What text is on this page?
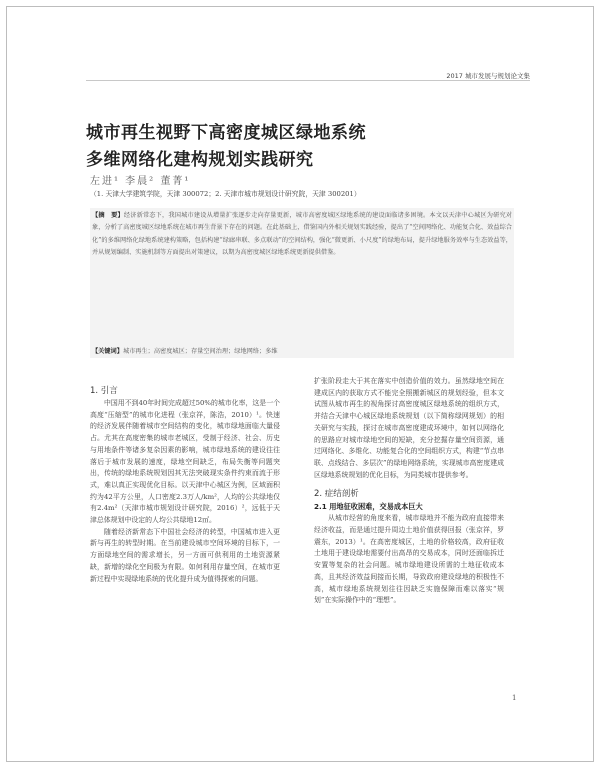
2017 城市发展与规划论文集
城市再生视野下高密度城区绿地系统
多维网络化建构规划实践研究
左进¹ 李晨² 董菁¹
（1. 天津大学建筑学院，天津 300072；2. 天津市城市规划设计研究院，天津 300201）
【摘　要】经济新常态下，我国城市建设从增量扩张逐步走向存量更新，城市高密度城区绿地系统的建设面临诸多困境。本文以天津中心城区为研究对象，分析了高密度城区绿地系统在城市再生背景下存在的问题。在此基础上，借鉴国内外相关规划实践经验，提出了“空间网络化、功能复合化、效益综合化”的多维网络化绿地系统建构策略，包括构建“绿廊串联、多点联动”的空间结构，强化“微更新、小尺度”的绿地布局，提升绿地服务效率与生态效益等，并从规划编制、实施机制等方面提出对策建议，以期为高密度城区绿地系统更新提供借鉴。
【关键词】城市再生；高密度城区；存量空间治理；绿地网络；多维
1. 引言

中国用不到40年时间完成超过50%的城市化率，这是一个高度“压缩型”的城市化进程（张京祥，陈浩，2010）¹。快速的经济发展伴随着城市空间结构的变化，城市绿地面临大量侵占。尤其在高度密集的城市老城区，受制于经济、社会、历史与用地条件等诸多复杂因素的影响，城市绿地系统的建设往往落后于城市发展的速度，绿地空间缺乏，布局失衡等问题突出，传统的绿地系统规划因其无法突破现实条件约束而流于形式，难以真正实现优化目标。以天津中心城区为例，区域面积约为42平方公里，人口密度2.3万人/km²，人均的公共绿地仅有2.4m²（天津市城市规划设计研究院，2016）²，远低于天津总体规划中设定的人均公共绿地12㎡。

随着经济新常态下中国社会经济的转型，中国城市进入更新与再生的转型时期。在当前建设城市空间环境的目标下，一方面绿地空间的需求增长，另一方面可供利用的土地资源紧缺，新增的绿化空间极为有限。如何利用存量空间，在城市更新过程中实现绿地系统的优化提升成为值得探索的问题。

扩张阶段走大于其在落实中创造价值的效力。虽然绿地空间在建成区内的获取方式不能完全照搬新城区的规划经验，但本文试图从城市再生的视角探讨高密度城区绿地系统的组织方式，并结合天津中心城区绿地系统规划（以下简称绿网规划）的相关研究与实践，探讨在城市高密度建成环境中，如何以网络化的思路应对城市绿地空间的短缺，充分挖掘存量空间资源，通过网络化、多维化、功能复合化的空间组织方式，构建“节点串联、点线结合、多层次”的绿地网络系统，实现城市高密度建成区绿地系统规划的优化目标，为同类城市提供参考。

2. 症结剖析
2.1 用地征收困难，交易成本巨大

从城市经营的角度来看，城市绿地并不能为政府直接带来经济收益，而是通过提升周边土地价值获得回报（张京祥，罗震东，2013）¹。在高密度城区，土地的价格较高，政府征收土地用于建设绿地需要付出高昂的交易成本，同时还面临拆迁安置等复杂的社会问题。城市绿地建设所需的土地征收成本高，且其经济效益间接而长期，导致政府建设绿地的积极性不高，城市绿地系统规划往往因缺乏实施保障而难以落实“规划”在实际操作中的“理想”。

1
